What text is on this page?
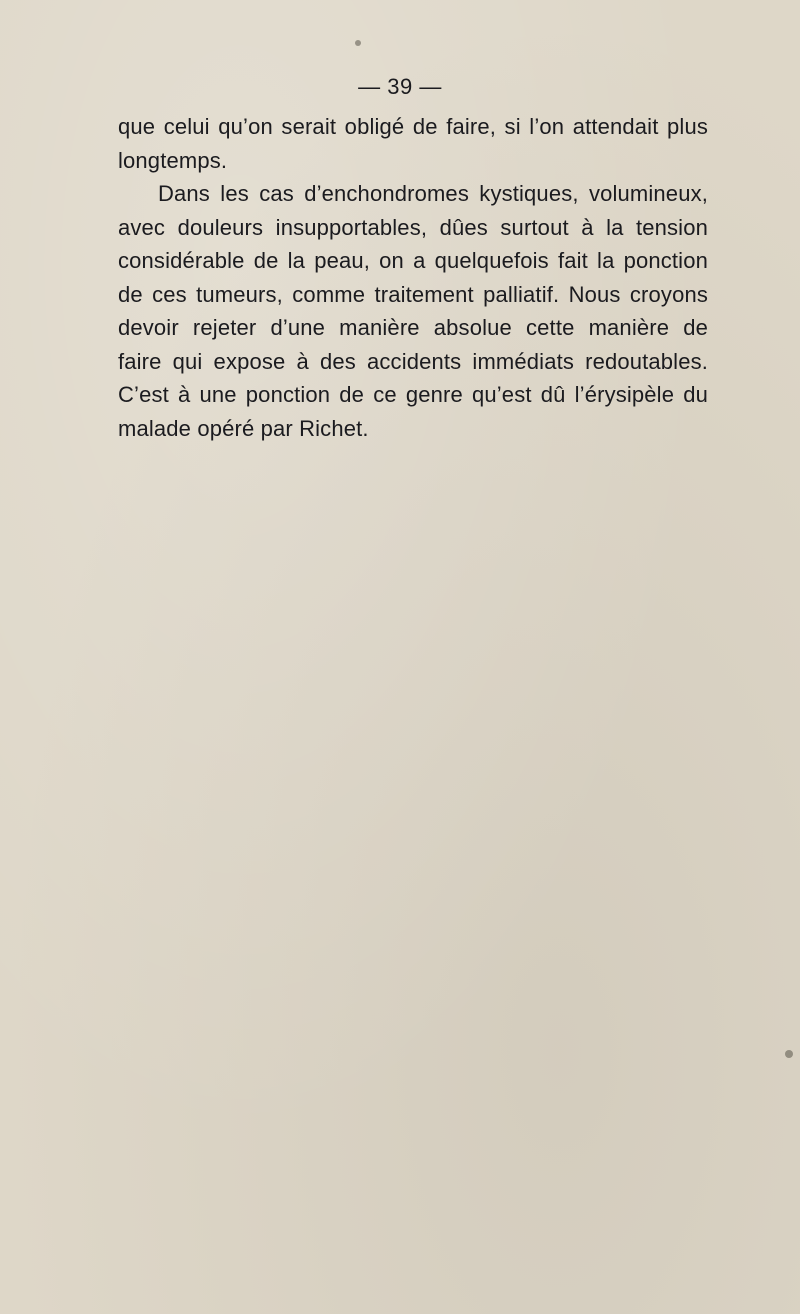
— 39 —
que celui qu’on serait obligé de faire, si l’on attendait plus
longtemps.
Dans les cas d’enchondromes kystiques, volumineux,
avec douleurs insupportables, dûes surtout à la tension
considérable de la peau, on a quelquefois fait la ponction
de ces tumeurs, comme traitement palliatif. Nous croyons
devoir rejeter d’une manière absolue cette manière de
faire qui expose à des accidents immédiats redoutables.
C’est à une ponction de ce genre qu’est dû l’érysipèle du
malade opéré par Richet.
